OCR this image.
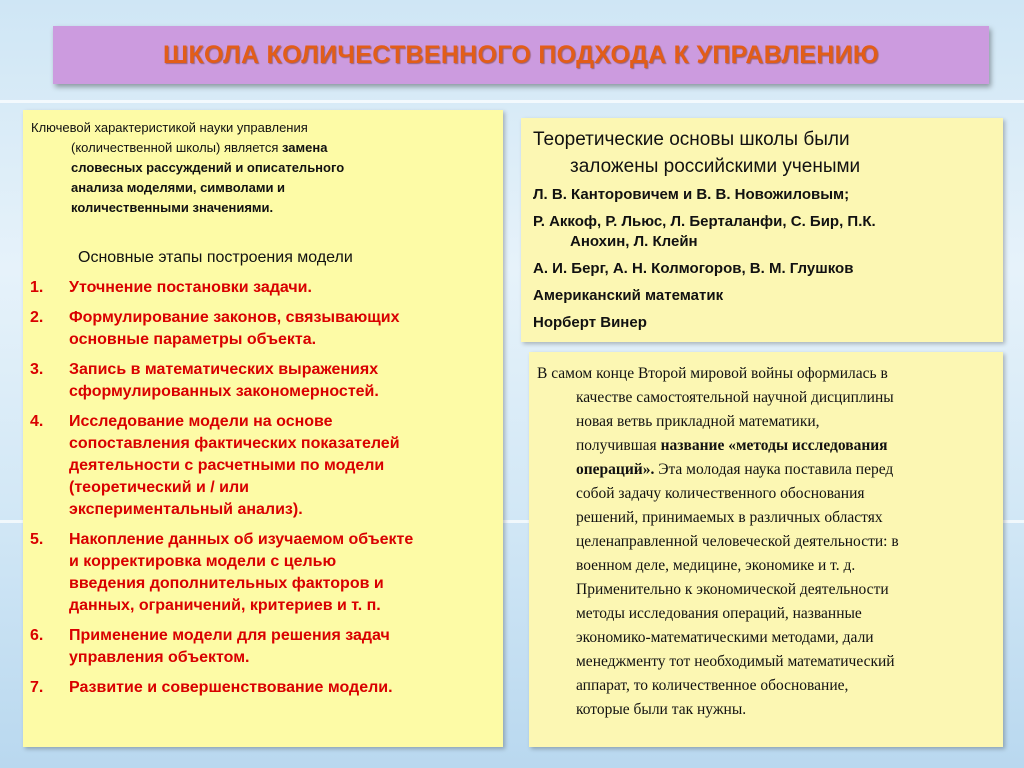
ШКОЛА КОЛИЧЕСТВЕННОГО ПОДХОДА К УПРАВЛЕНИЮ
Ключевой характеристикой науки управления
(количественной школы) является замена
словесных рассуждений и описательного
анализа моделями, символами и
количественными значениями.
Основные этапы построения модели
1. Уточнение постановки задачи.
2. Формулирование законов, связывающих
основные параметры объекта.
3. Запись в математических выражениях
сформулированных закономерностей.
4. Исследование модели на основе
сопоставления фактических показателей
деятельности с расчетными по модели
(теоретический и / или
экспериментальный анализ).
5. Накопление данных об изучаемом объекте
и корректировка модели с целью
введения дополнительных факторов и
данных, ограничений, критериев и т. п.
6. Применение модели для решения задач
управления объектом.
7. Развитие и совершенствование модели.
Теоретические основы школы были
заложены российскими учеными
Л. В. Канторовичем и В. В. Новожиловым;
Р. Аккоф, Р. Льюс, Л. Берталанфи, С. Бир, П.К.
Анохин, Л. Клейн
А. И. Берг, А. Н. Колмогоров, В. М. Глушков
Американский математик
Норберт Винер
В самом конце Второй мировой войны оформилась в
качестве самостоятельной научной дисциплины
новая ветвь прикладной математики,
получившая название «методы исследования
операций». Эта молодая наука поставила перед
собой задачу количественного обоснования
решений, принимаемых в различных областях
целенаправленной человеческой деятельности: в
военном деле, медицине, экономике и т. д.
Применительно к экономической деятельности
методы исследования операций, названные
экономико-математическими методами, дали
менеджменту тот необходимый математический
аппарат, то количественное обоснование,
которые были так нужны.
